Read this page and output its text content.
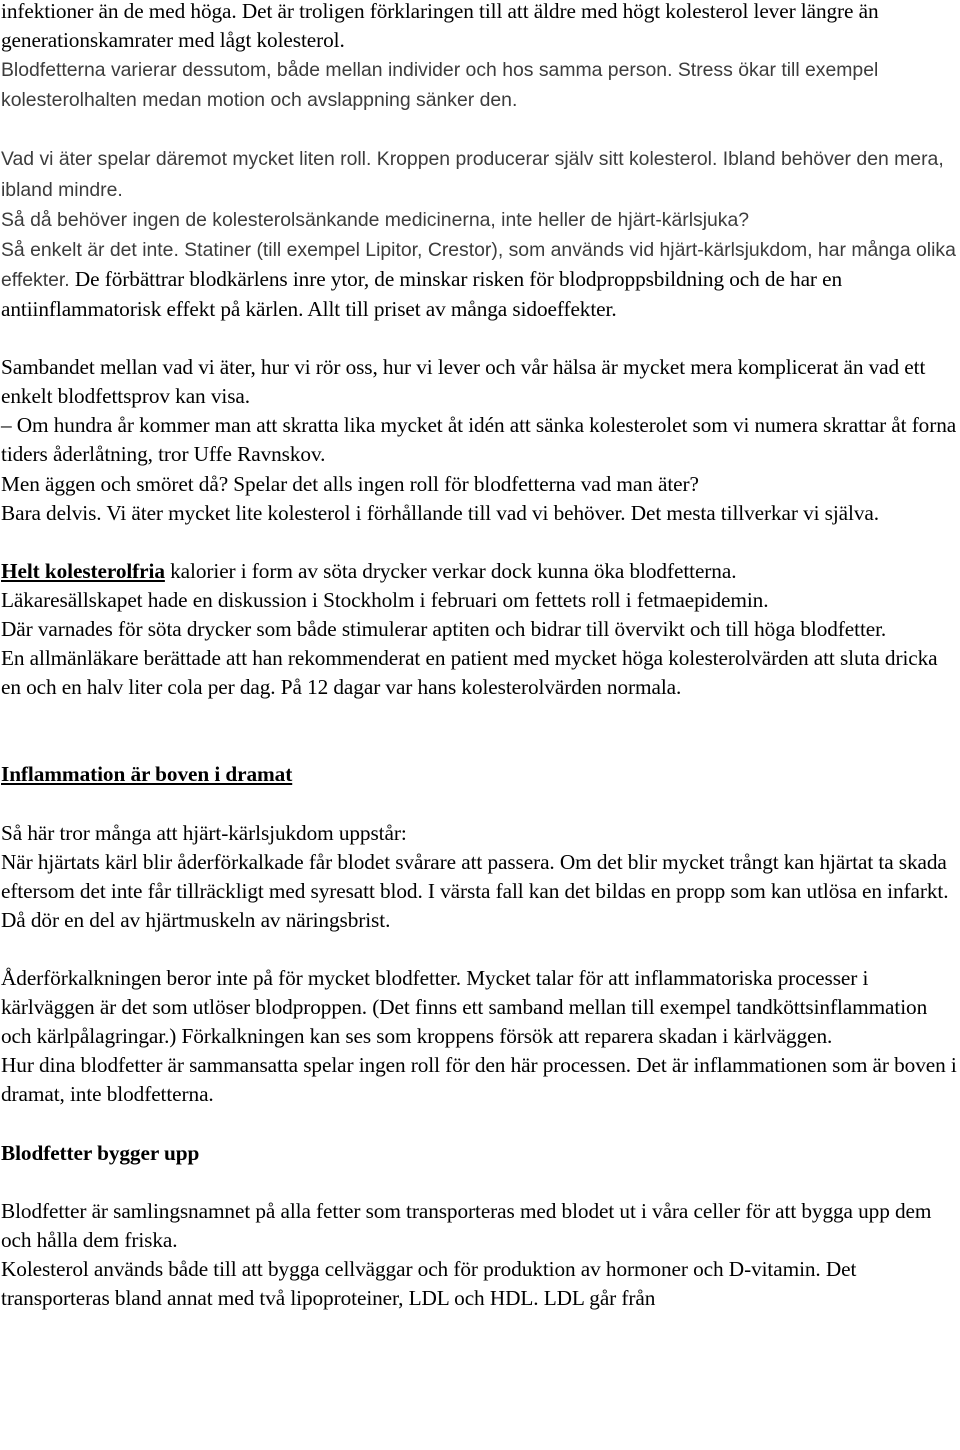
infektioner än de med höga. Det är troligen förklaringen till att äldre med högt kolesterol lever längre än generationskamrater med lågt kolesterol.
Blodfetterna varierar dessutom, både mellan individer och hos samma person. Stress ökar till exempel kolesterolhalten medan motion och avslappning sänker den.

Vad vi äter spelar däremot mycket liten roll. Kroppen producerar själv sitt kolesterol. Ibland behöver den mera, ibland mindre.
Så då behöver ingen de kolesterolsänkande medicinerna, inte heller de hjärt-kärlsjuka?
Så enkelt är det inte. Statiner (till exempel Lipitor, Crestor), som används vid hjärt-kärlsjukdom, har många olika effekter. De förbättrar blodkärlens inre ytor, de minskar risken för blodproppsbildning och de har en antiinflammatorisk effekt på kärlen. Allt till priset av många sidoeffekter.

Sambandet mellan vad vi äter, hur vi rör oss, hur vi lever och vår hälsa är mycket mera komplicerat än vad ett enkelt blodfettsprov kan visa.
– Om hundra år kommer man att skratta lika mycket åt idén att sänka kolesterolet som vi numera skrattar åt forna tiders åderlåtning, tror Uffe Ravnskov.
Men äggen och smöret då? Spelar det alls ingen roll för blodfetterna vad man äter?
Bara delvis. Vi äter mycket lite kolesterol i förhållande till vad vi behöver. Det mesta tillverkar vi själva.

Helt kolesterolfria kalorier i form av söta drycker verkar dock kunna öka blodfetterna.
Läkaresällskapet hade en diskussion i Stockholm i februari om fettets roll i fetmaepidemin.
Där varnades för söta drycker som både stimulerar aptiten och bidrar till övervikt och till höga blodfetter.
En allmänläkare berättade att han rekommenderat en patient med mycket höga kolesterolvärden att sluta dricka en och en halv liter cola per dag. På 12 dagar var hans kolesterolvärden normala.

Inflammation är boven i dramat

Så här tror många att hjärt-kärlsjukdom uppstår:
När hjärtats kärl blir åderförkalkade får blodet svårare att passera. Om det blir mycket trångt kan hjärtat ta skada eftersom det inte får tillräckligt med syresatt blod. I värsta fall kan det bildas en propp som kan utlösa en infarkt. Då dör en del av hjärtmuskeln av näringsbrist.

Åderförkalkningen beror inte på för mycket blodfetter. Mycket talar för att inflammatoriska processer i kärlväggen är det som utlöser blodproppen. (Det finns ett samband mellan till exempel tandköttsinflammation och kärlpålagringar.) Förkalkningen kan ses som kroppens försök att reparera skadan i kärlväggen.
Hur dina blodfetter är sammansatta spelar ingen roll för den här processen. Det är inflammationen som är boven i dramat, inte blodfetterna.

Blodfetter bygger upp

Blodfetter är samlingsnamnet på alla fetter som transporteras med blodet ut i våra celler för att bygga upp dem och hålla dem friska.
Kolesterol används både till att bygga cellväggar och för produktion av hormoner och D-vitamin. Det transporteras bland annat med två lipoproteiner, LDL och HDL. LDL går från
